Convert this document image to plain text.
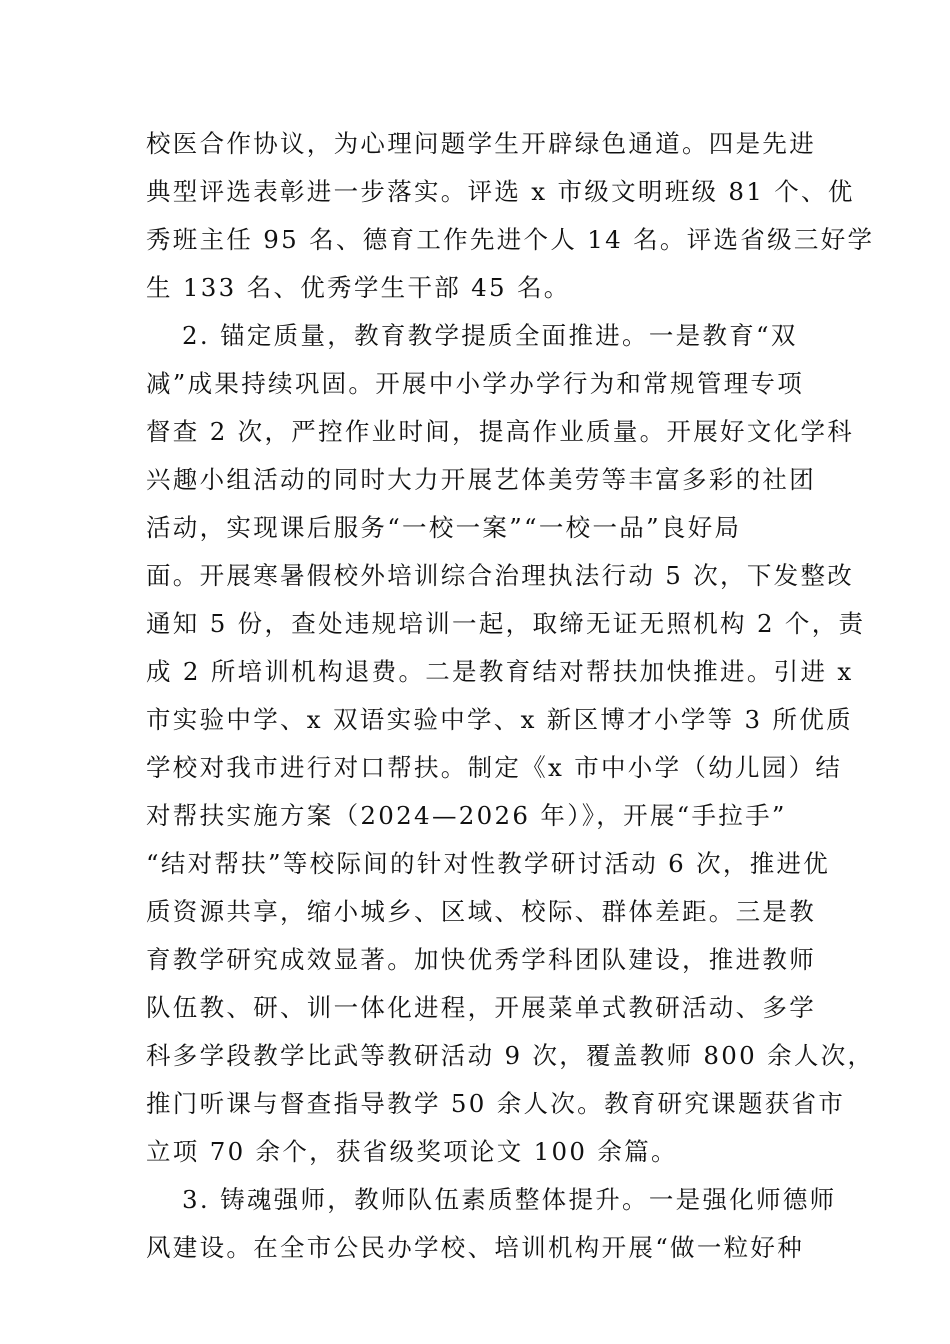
校医合作协议，为心理问题学生开辟绿色通道。四是先进
典型评选表彰进一步落实。评选 x 市级文明班级 81 个、优
秀班主任 95 名、德育工作先进个人 14 名。评选省级三好学
生 133 名、优秀学生干部 45 名。
2. 锚定质量，教育教学提质全面推进。一是教育“双
减”成果持续巩固。开展中小学办学行为和常规管理专项
督查 2 次，严控作业时间，提高作业质量。开展好文化学科
兴趣小组活动的同时大力开展艺体美劳等丰富多彩的社团
活动，实现课后服务“一校一案”“一校一品”良好局
面。开展寒暑假校外培训综合治理执法行动 5 次，下发整改
通知 5 份，查处违规培训一起，取缔无证无照机构 2 个，责
成 2 所培训机构退费。二是教育结对帮扶加快推进。引进 x
市实验中学、x 双语实验中学、x 新区博才小学等 3 所优质
学校对我市进行对口帮扶。制定《x 市中小学（幼儿园）结
对帮扶实施方案（2024—2026 年）》，开展“手拉手”
“结对帮扶”等校际间的针对性教学研讨活动 6 次，推进优
质资源共享，缩小城乡、区域、校际、群体差距。三是教
育教学研究成效显著。加快优秀学科团队建设，推进教师
队伍教、研、训一体化进程，开展菜单式教研活动、多学
科多学段教学比武等教研活动 9 次，覆盖教师 800 余人次，
推门听课与督查指导教学 50 余人次。教育研究课题获省市
立项 70 余个，获省级奖项论文 100 余篇。
3. 铸魂强师，教师队伍素质整体提升。一是强化师德师
风建设。在全市公民办学校、培训机构开展“做一粒好种
